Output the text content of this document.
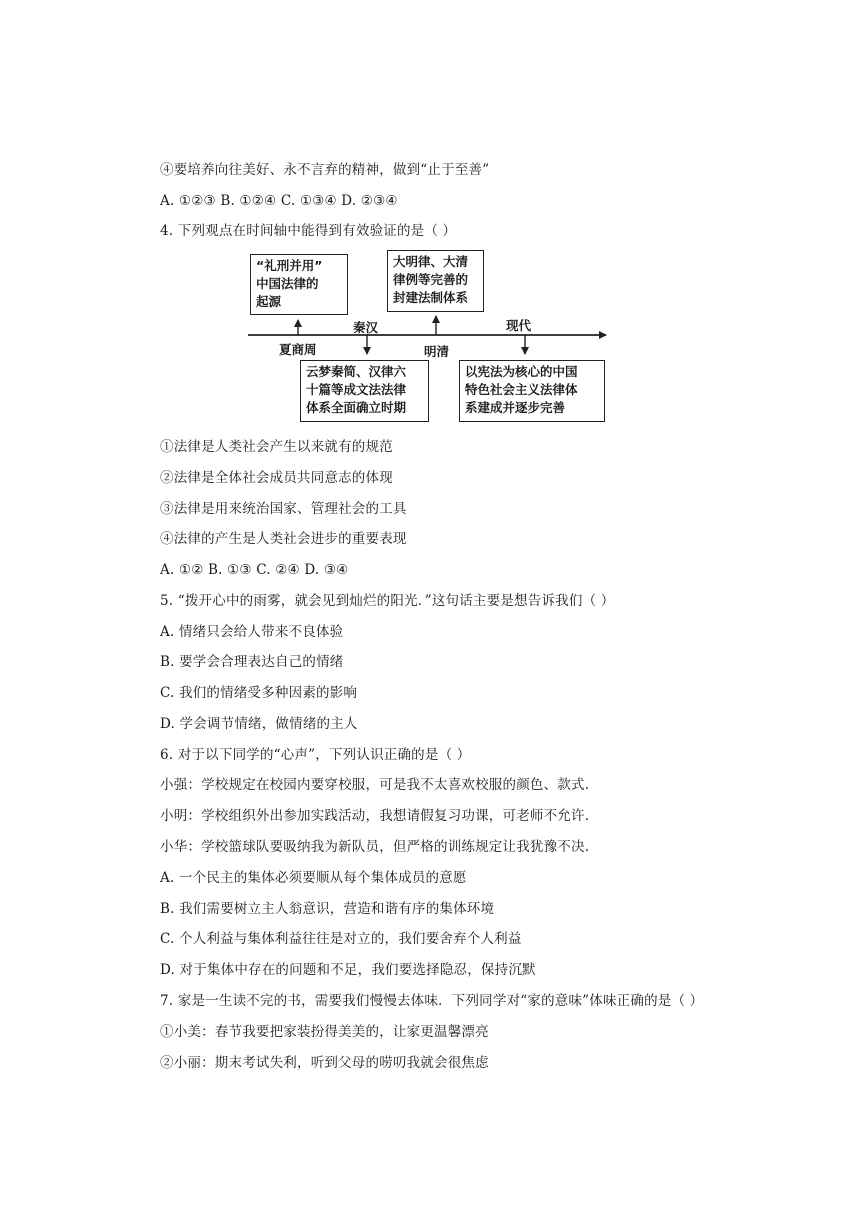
④要培养向往美好、永不言弃的精神，做到“止于至善”
A. ①②③ B. ①②④ C. ①③④ D. ②③④
4. 下列观点在时间轴中能得到有效验证的是（ ）
“礼刑并用”
中国法律的
起源
大明律、大清
律例等完善的
封建法制体系
云梦秦简、汉律六
十篇等成文法法律
体系全面确立时期
以宪法为核心的中国
特色社会主义法律体
系建成并逐步完善
夏商周
秦汉
明清
现代
①法律是人类社会产生以来就有的规范
②法律是全体社会成员共同意志的体现
③法律是用来统治国家、管理社会的工具
④法律的产生是人类社会进步的重要表现
A. ①② B. ①③ C. ②④ D. ③④
5. “拨开心中的雨雾，就会见到灿烂的阳光．”这句话主要是想告诉我们（ ）
A. 情绪只会给人带来不良体验
B. 要学会合理表达自己的情绪
C. 我们的情绪受多种因素的影响
D. 学会调节情绪，做情绪的主人
6. 对于以下同学的“心声”，下列认识正确的是（ ）
小强：学校规定在校园内要穿校服，可是我不太喜欢校服的颜色、款式.
小明：学校组织外出参加实践活动，我想请假复习功课，可老师不允许.
小华：学校篮球队要吸纳我为新队员，但严格的训练规定让我犹豫不决.
A. 一个民主的集体必须要顺从每个集体成员的意愿
B. 我们需要树立主人翁意识，营造和谐有序的集体环境
C. 个人利益与集体利益往往是对立的，我们要舍弃个人利益
D. 对于集体中存在的问题和不足，我们要选择隐忍，保持沉默
7. 家是一生读不完的书，需要我们慢慢去体味．下列同学对“家的意味”体味正确的是（ ）
①小美：春节我要把家装扮得美美的，让家更温馨漂亮
②小丽：期末考试失利，听到父母的唠叨我就会很焦虑
